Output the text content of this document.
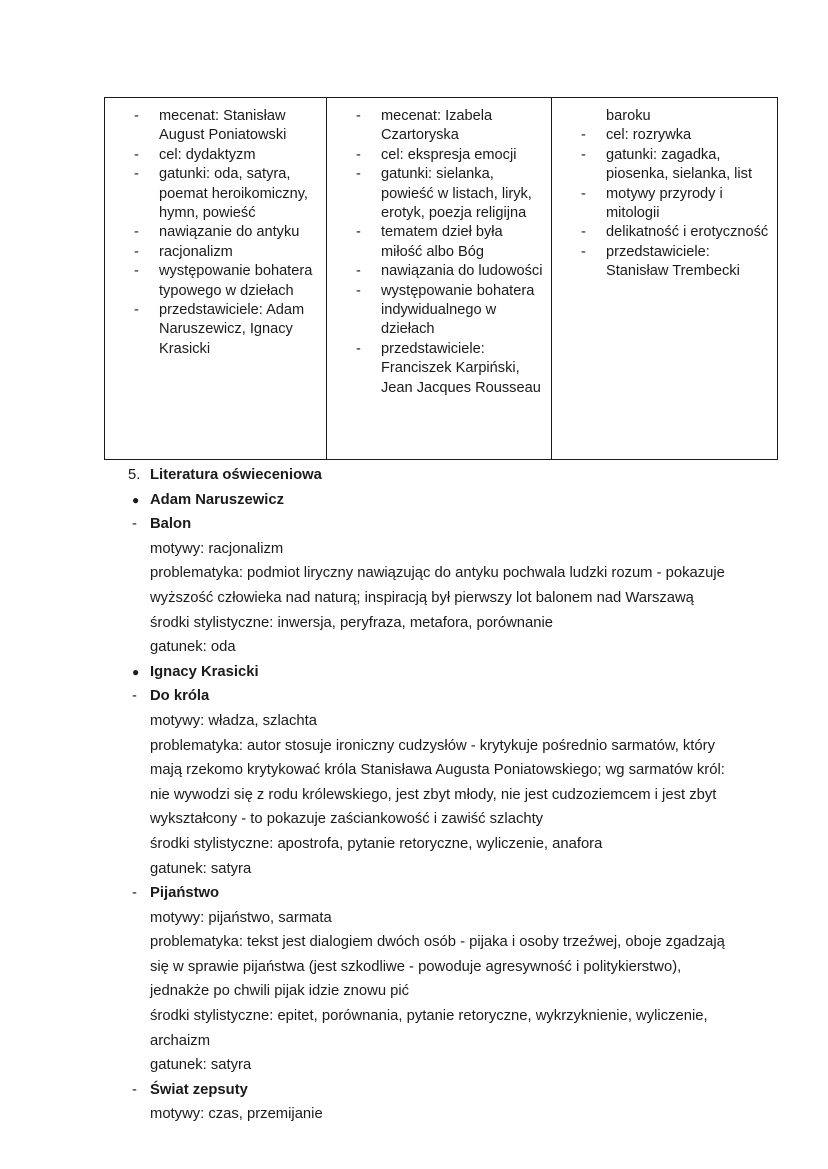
- mecenat: Stanisław August Poniatowski
- cel: dydaktyzm
- gatunki: oda, satyra, poemat heroikomiczny, hymn, powieść
- nawiązanie do antyku
- racjonalizm
- występowanie bohatera typowego w dziełach
- przedstawiciele: Adam Naruszewicz, Ignacy Krasicki

- mecenat: Izabela Czartoryska
- cel: ekspresja emocji
- gatunki: sielanka, powieść w listach, liryk, erotyk, poezja religijna
- tematem dzieł była miłość albo Bóg
- nawiązania do ludowości
- występowanie bohatera indywidualnego w dziełach
- przedstawiciele: Franciszek Karpiński, Jean Jacques Rousseau

baroku
- cel: rozrywka
- gatunki: zagadka, piosenka, sielanka, list
- motywy przyrody i mitologii
- delikatność i erotyczność
- przedstawiciele: Stanisław Trembecki
5. Literatura oświeceniowa
● Adam Naruszewicz
- Balon
motywy: racjonalizm
problematyka: podmiot liryczny nawiązując do antyku pochwala ludzki rozum - pokazuje wyższość człowieka nad naturą; inspiracją był pierwszy lot balonem nad Warszawą
środki stylistyczne: inwersja, peryfraza, metafora, porównanie
gatunek: oda
● Ignacy Krasicki
- Do króla
motywy: władza, szlachta
problematyka: autor stosuje ironiczny cudzysłów - krytykuje pośrednio sarmatów, który mają rzekomo krytykować króla Stanisława Augusta Poniatowskiego; wg sarmatów król: nie wywodzi się z rodu królewskiego, jest zbyt młody, nie jest cudzoziemcem i jest zbyt wykształcony - to pokazuje zaściankowość i zawiść szlachty
środki stylistyczne: apostrofa, pytanie retoryczne, wyliczenie, anafora
gatunek: satyra
- Pijaństwo
motywy: pijaństwo, sarmata
problematyka: tekst jest dialogiem dwóch osób - pijaka i osoby trzeźwej, oboje zgadzają się w sprawie pijaństwa (jest szkodliwe - powoduje agresywność i politykierstwo), jednakże po chwili pijak idzie znowu pić
środki stylistyczne: epitet, porównania, pytanie retoryczne, wykrzyknienie, wyliczenie, archaizm
gatunek: satyra
- Świat zepsuty
motywy: czas, przemijanie
